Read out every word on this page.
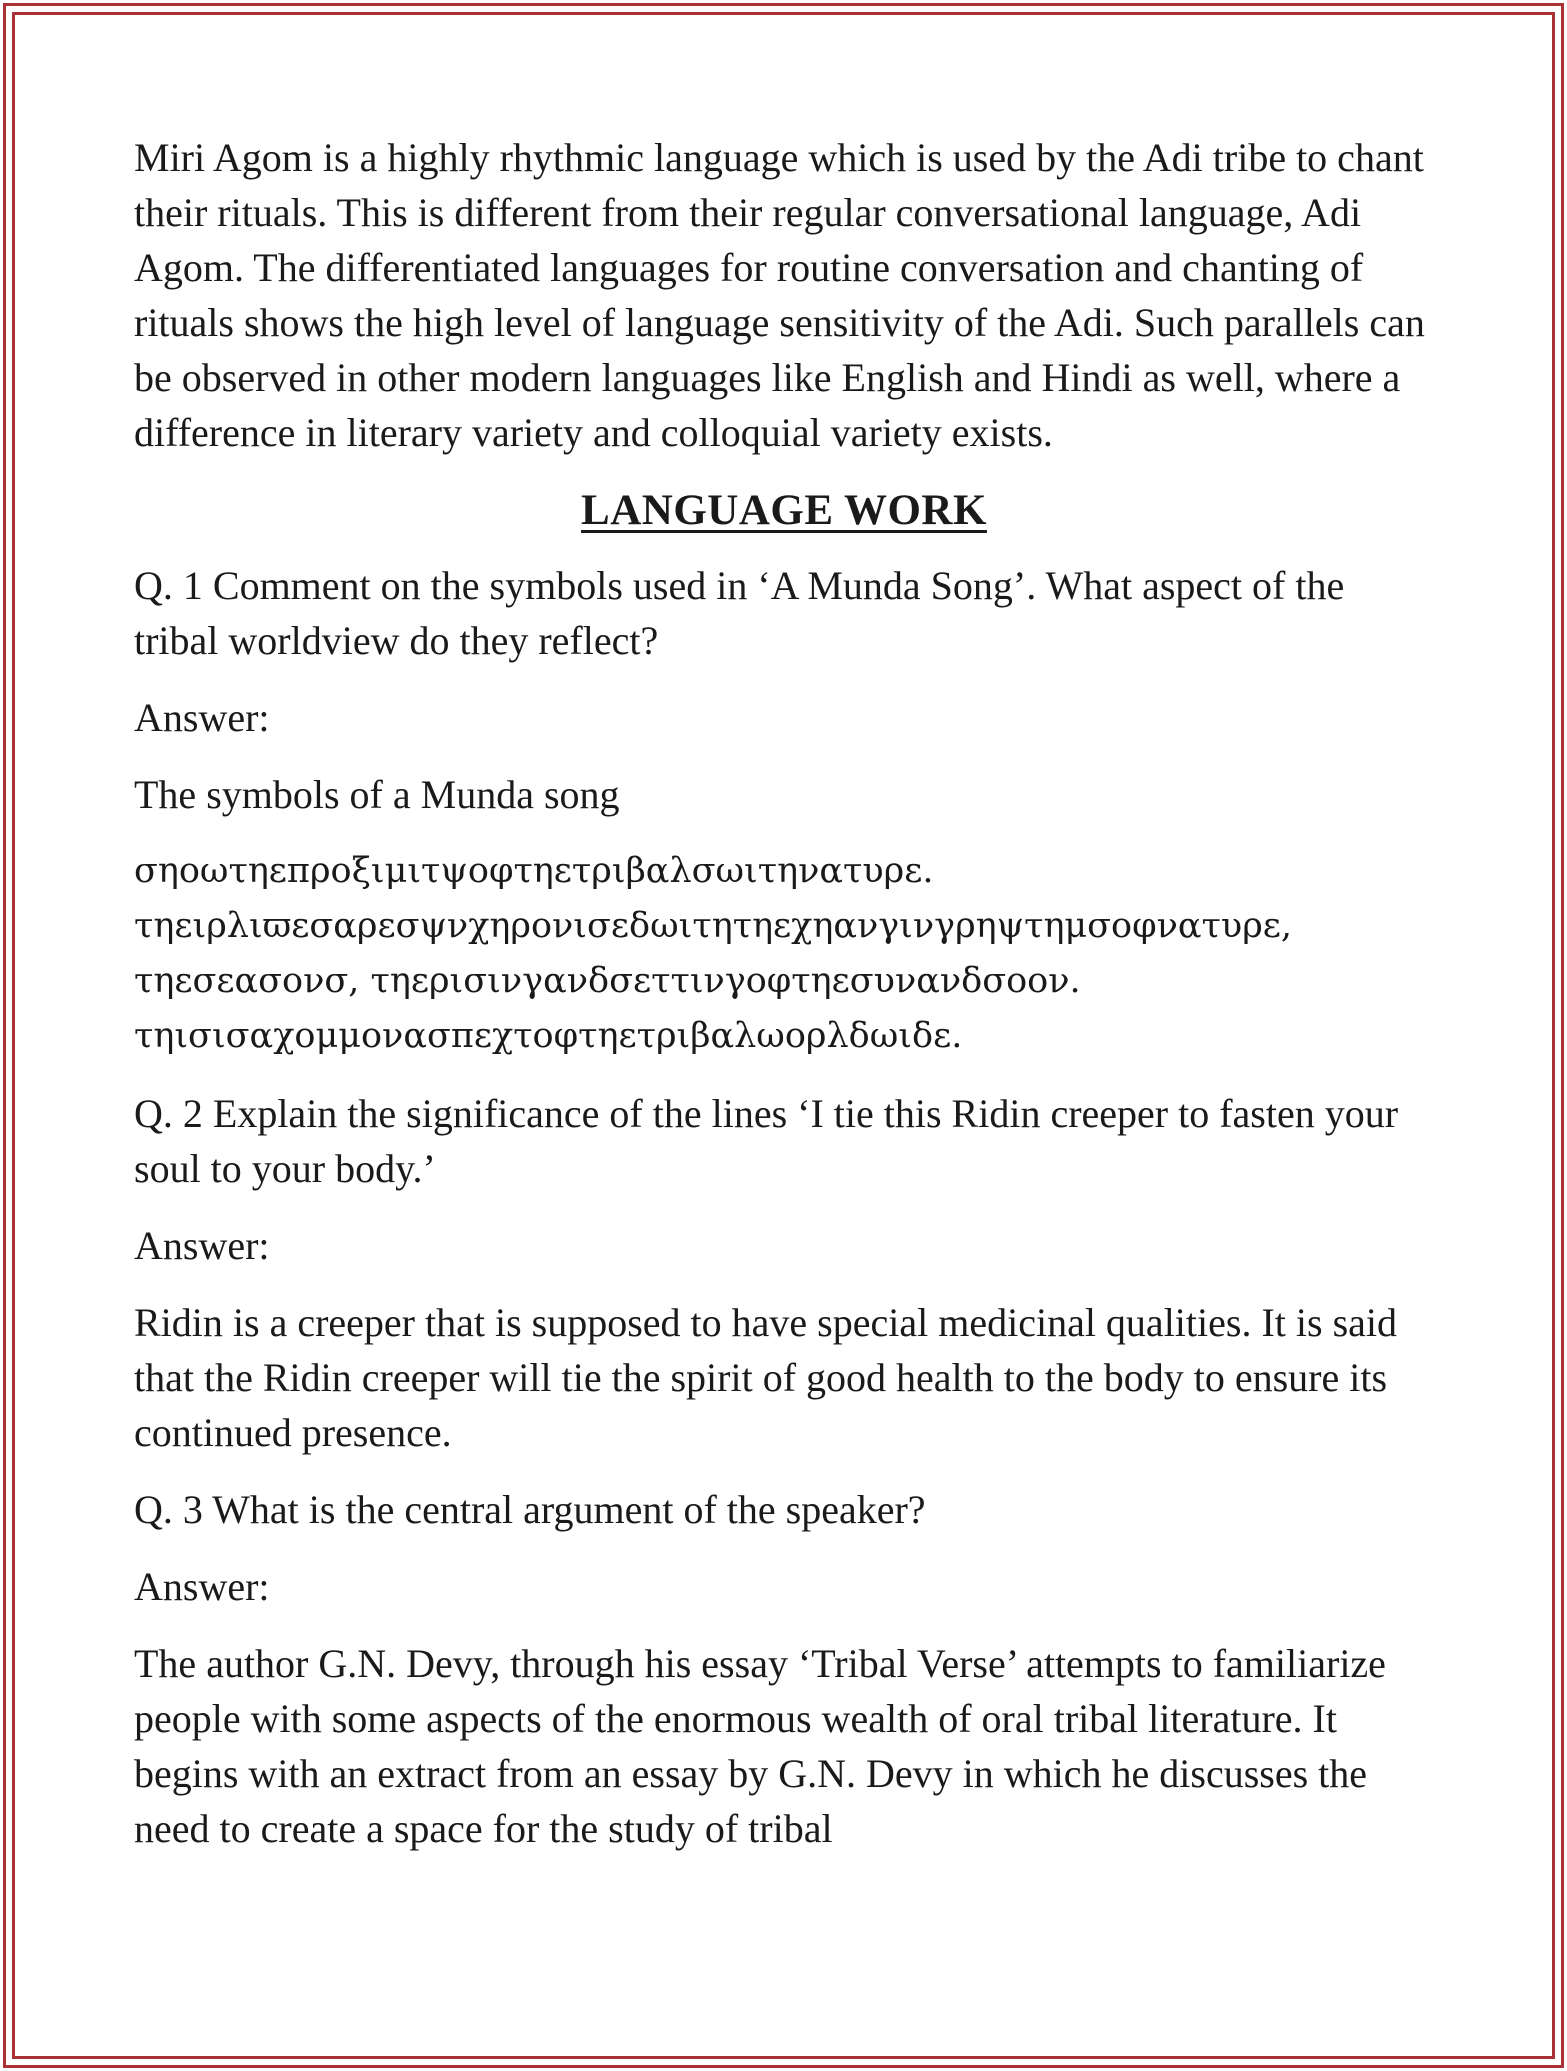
Miri Agom is a highly rhythmic language which is used by the Adi tribe to chant their rituals. This is different from their regular conversational language, Adi Agom. The differentiated languages for routine conversation and chanting of rituals shows the high level of language sensitivity of the Adi. Such parallels can be observed in other modern languages like English and Hindi as well, where a difference in literary variety and colloquial variety exists.

LANGUAGE WORK

Q. 1 Comment on the symbols used in ‘A Munda Song’. What aspect of the tribal worldview do they reflect?

Answer:

The symbols of a Munda song

σηοωτηεπροξιμιτψοφτηετριβαλσωιτηνατυρε.

τηειρλιϖεσαρεσψνχηρονισεδωιτητηεχηανγινγρηψτημσοφνατυρε,

τηεσεασονσ, τηερισινγανδσεττινγοφτηεσυνανδσοον.

τηισισαχομμονασπεχτοφτηετριβαλωορλδωιδε.

Q. 2 Explain the significance of the lines ‘I tie this Ridin creeper to fasten your soul to your body.’

Answer:

Ridin is a creeper that is supposed to have special medicinal qualities. It is said that the Ridin creeper will tie the spirit of good health to the body to ensure its continued presence.

Q. 3 What is the central argument of the speaker?

Answer:

The author G.N. Devy, through his essay ‘Tribal Verse’ attempts to familiarize people with some aspects of the enormous wealth of oral tribal literature. It begins with an extract from an essay by G.N. Devy in which he discusses the need to create a space for the study of tribal
